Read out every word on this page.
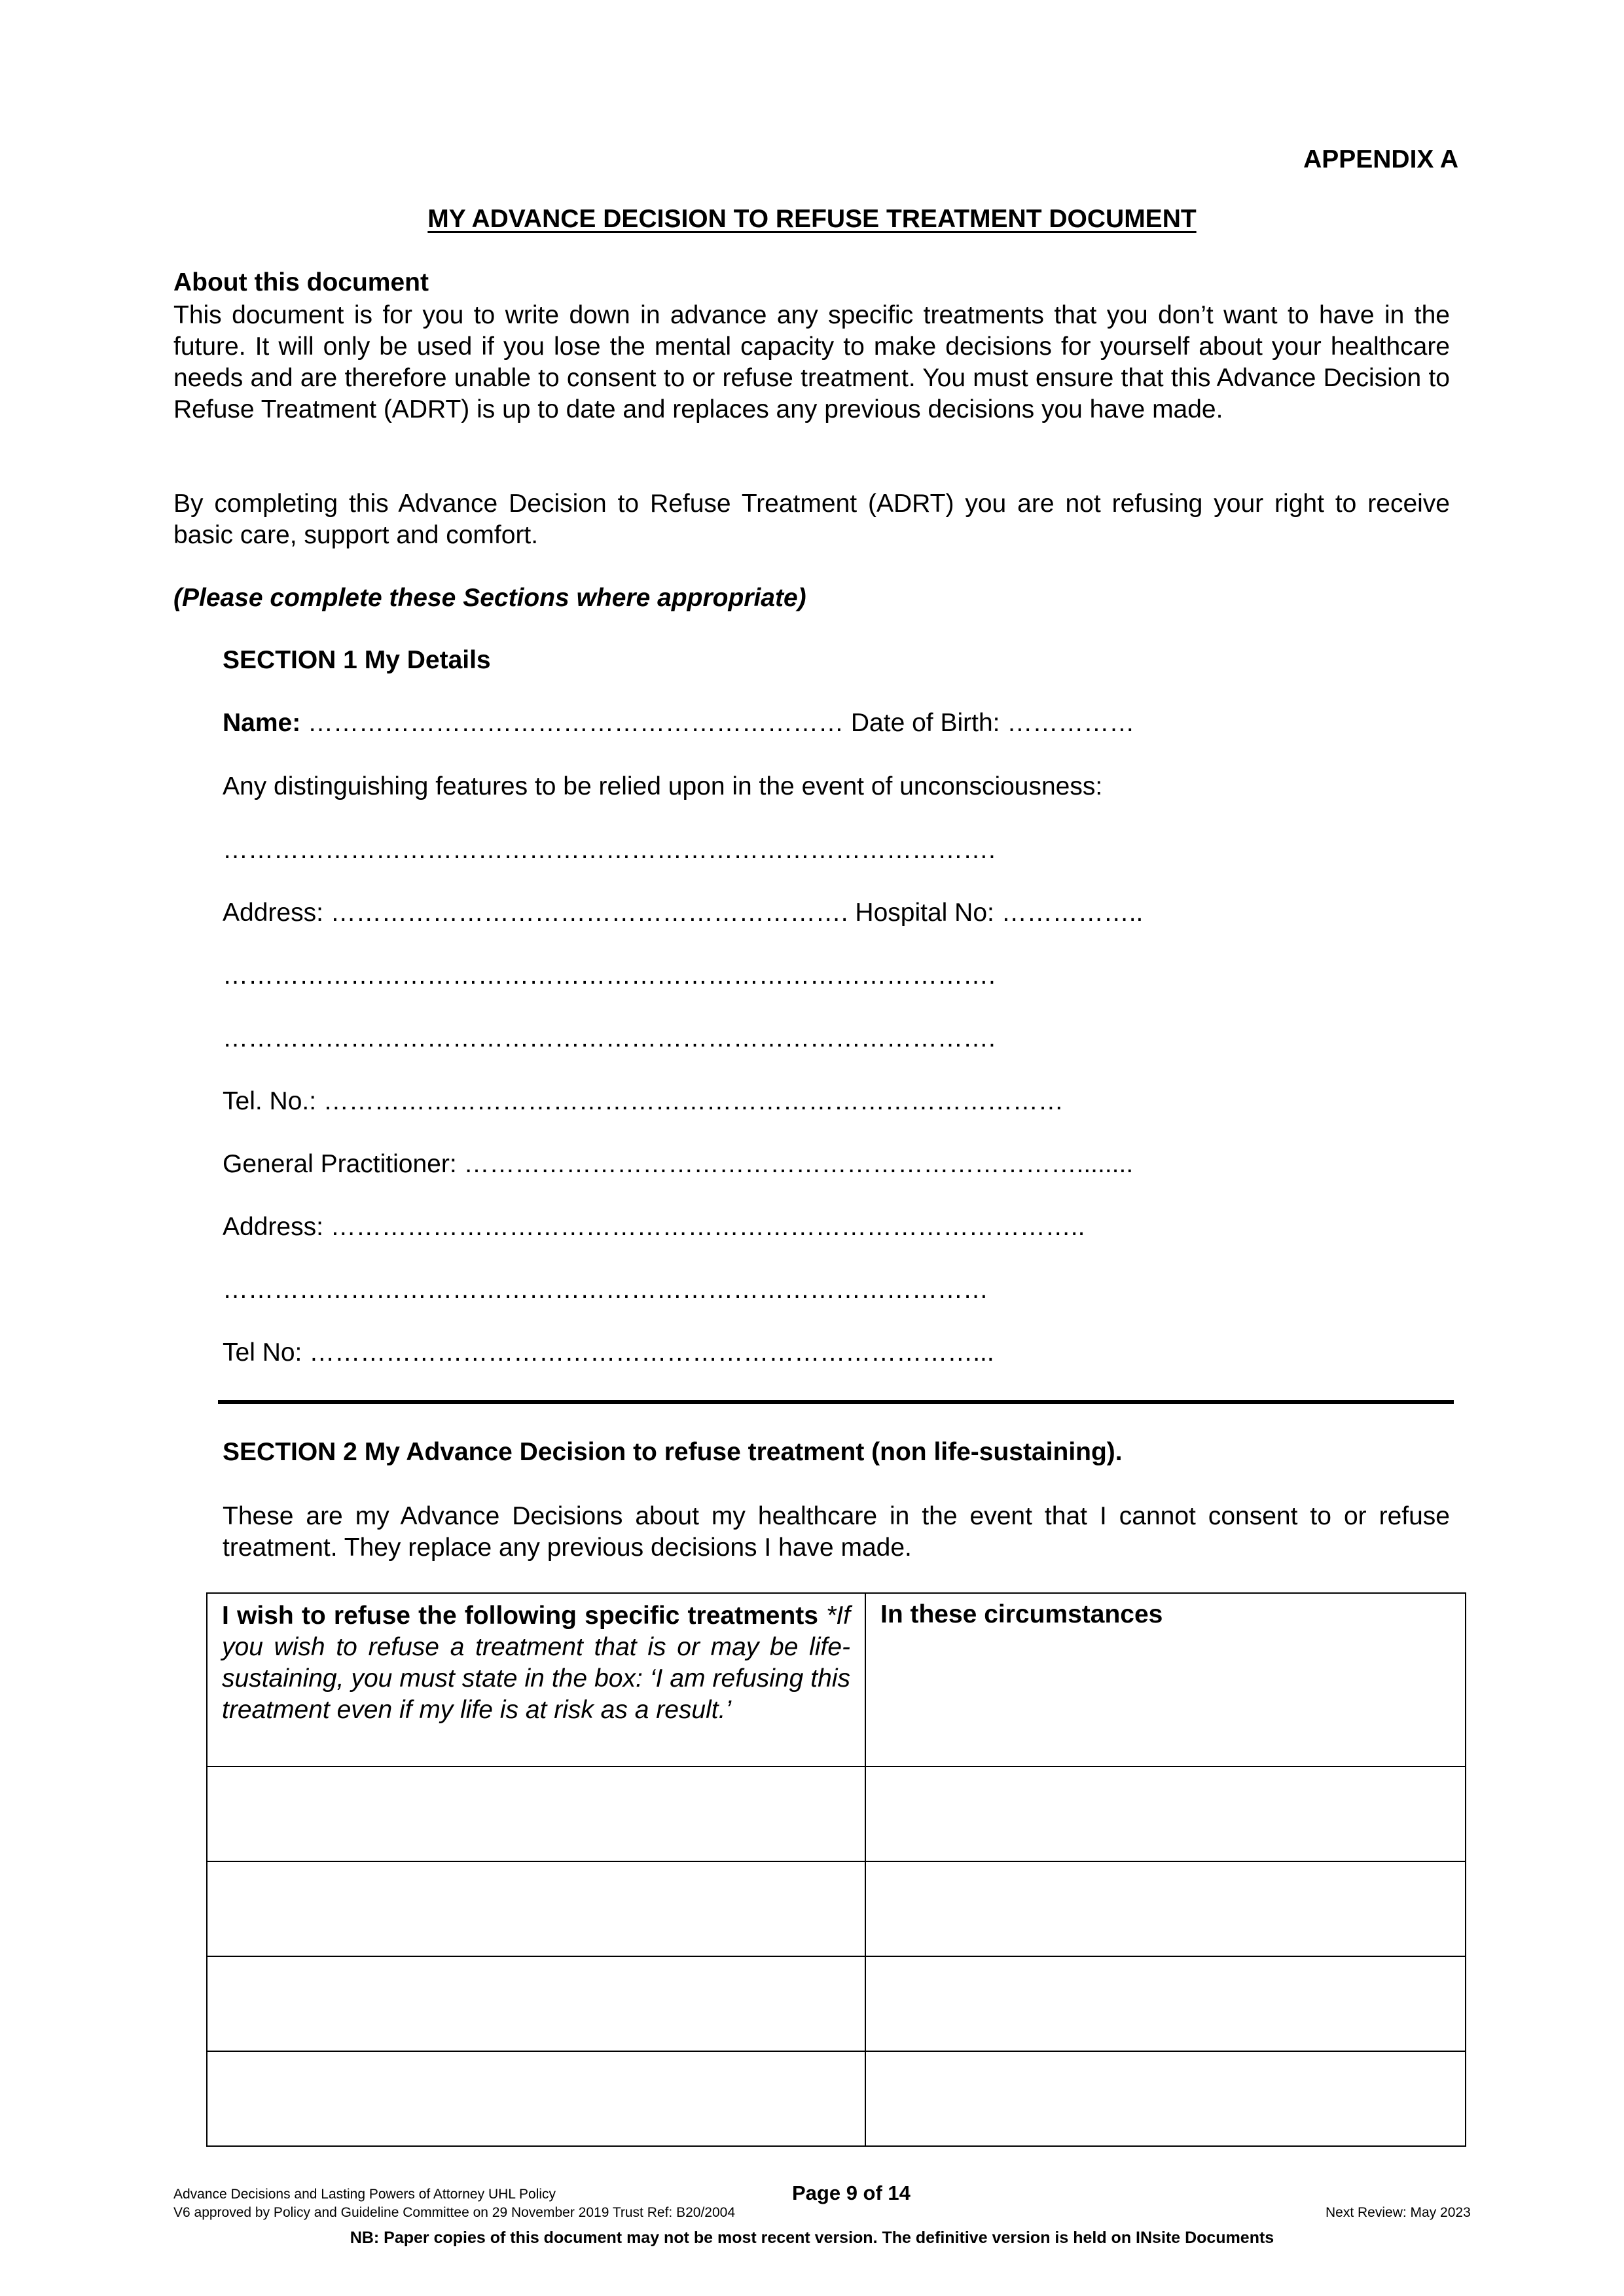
APPENDIX A
MY ADVANCE DECISION TO REFUSE TREATMENT DOCUMENT
About this document
This document is for you to write down in advance any specific treatments that you don’t want to have in the future. It will only be used if you lose the mental capacity to make decisions for yourself about your healthcare needs and are therefore unable to consent to or refuse treatment. You must ensure that this Advance Decision to Refuse Treatment (ADRT) is up to date and replaces any previous decisions you have made.
By completing this Advance Decision to Refuse Treatment (ADRT) you are not refusing your right to receive basic care, support and comfort.
(Please complete these Sections where appropriate)
SECTION 1 My Details
Name: ……………………………………………………… Date of Birth: ……………
Any distinguishing features to be relied upon in the event of unconsciousness:
……………………………………………………………………………….
Address: ……………………………………………………. Hospital No: ……………..
……………………………………………………………………………….
……………………………………………………………………………….
Tel. No.: ……………………………………………………………………………
General Practitioner: ………………………………………………………………........
Address: ……………………………………………………………………………..
………………………………………………………………………………
Tel No: ……………………………………………………………………...
SECTION 2 My Advance Decision to refuse treatment (non life-sustaining).
These are my Advance Decisions about my healthcare in the event that I cannot consent to or refuse treatment. They replace any previous decisions I have made.
I wish to refuse the following specific treatments *If you wish to refuse a treatment that is or may be life-sustaining, you must state in the box: ‘I am refusing this treatment even if my life is at risk as a result.’	In these circumstances

Advance Decisions and Lasting Powers of Attorney UHL Policy	Page 9 of 14
V6 approved by Policy and Guideline Committee on 29 November 2019 Trust Ref: B20/2004	Next Review: May 2023
NB: Paper copies of this document may not be most recent version. The definitive version is held on INsite Documents
